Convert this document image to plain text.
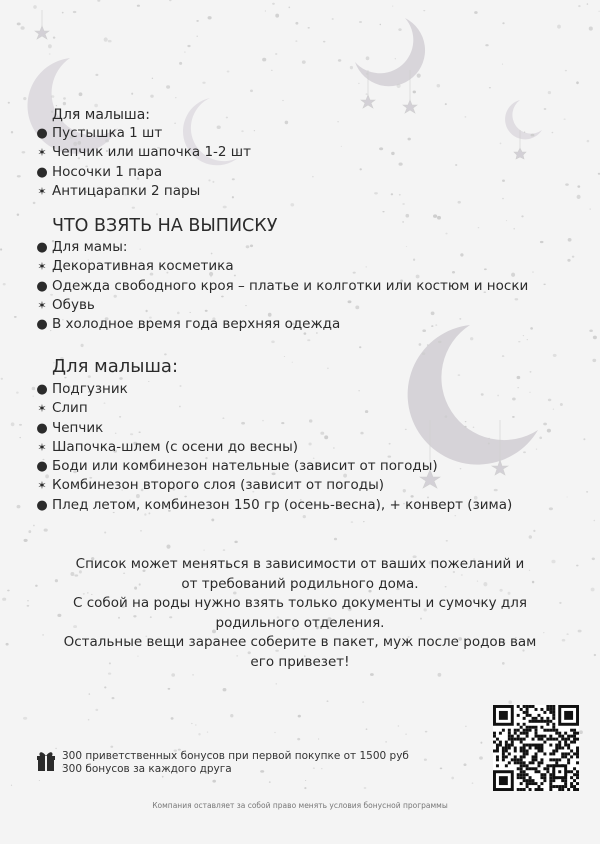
Для малыша:
● Пустышка 1 шт
✶ Чепчик или шапочка 1-2 шт
● Носочки 1 пара
✶ Антицарапки 2 пары
ЧТО ВЗЯТЬ НА ВЫПИСКУ
● Для мамы:
✶ Декоративная косметика
● Одежда свободного кроя – платье и колготки или костюм и носки
✶ Обувь
● В холодное время года верхняя одежда
Для малыша:
● Подгузник
✶ Слип
● Чепчик
✶ Шапочка-шлем (с осени до весны)
● Боди или комбинезон нательные (зависит от погоды)
✶ Комбинезон второго слоя (зависит от погоды)
● Плед летом, комбинезон 150 гр (осень-весна), + конверт (зима)
Список может меняться в зависимости от ваших пожеланий и
от требований родильного дома.
С собой на роды нужно взять только документы и сумочку для
родильного отделения.
Остальные вещи заранее соберите в пакет, муж после родов вам
его привезет!
300 приветственных бонусов при первой покупке от 1500 руб
300 бонусов за каждого друга
Компания оставляет за собой право менять условия бонусной программы
